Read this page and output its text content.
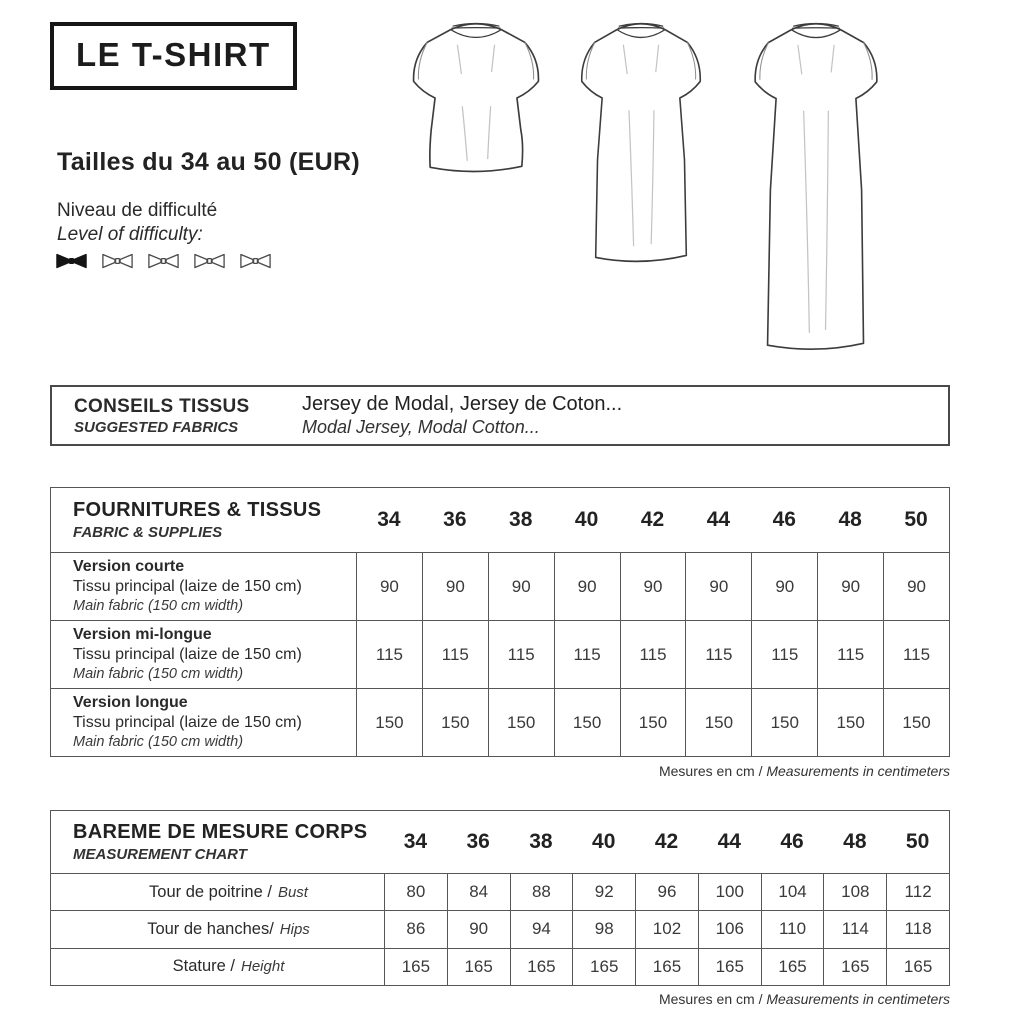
LE T-SHIRT
Tailles du 34 au 50 (EUR)
Niveau de difficulté
Level of difficulty:
CONSEILS TISSUS
SUGGESTED FABRICS
Jersey de Modal, Jersey de Coton...
Modal Jersey, Modal Cotton...
FOURNITURES & TISSUS
FABRIC & SUPPLIES
34	36	38	40	42	44	46	48	50
Version courte
Tissu principal (laize de 150 cm)
Main fabric (150 cm width)
90	90	90	90	90	90	90	90	90
Version mi-longue
Tissu principal (laize de 150 cm)
Main fabric (150 cm width)
115	115	115	115	115	115	115	115	115
Version longue
Tissu principal (laize de 150 cm)
Main fabric (150 cm width)
150	150	150	150	150	150	150	150	150
Mesures en cm / Measurements in centimeters
BAREME DE MESURE CORPS
MEASUREMENT CHART
34	36	38	40	42	44	46	48	50
Tour de poitrine / Bust	80	84	88	92	96	100	104	108	112
Tour de hanches/ Hips	86	90	94	98	102	106	110	114	118
Stature / Height	165	165	165	165	165	165	165	165	165
Mesures en cm / Measurements in centimeters
